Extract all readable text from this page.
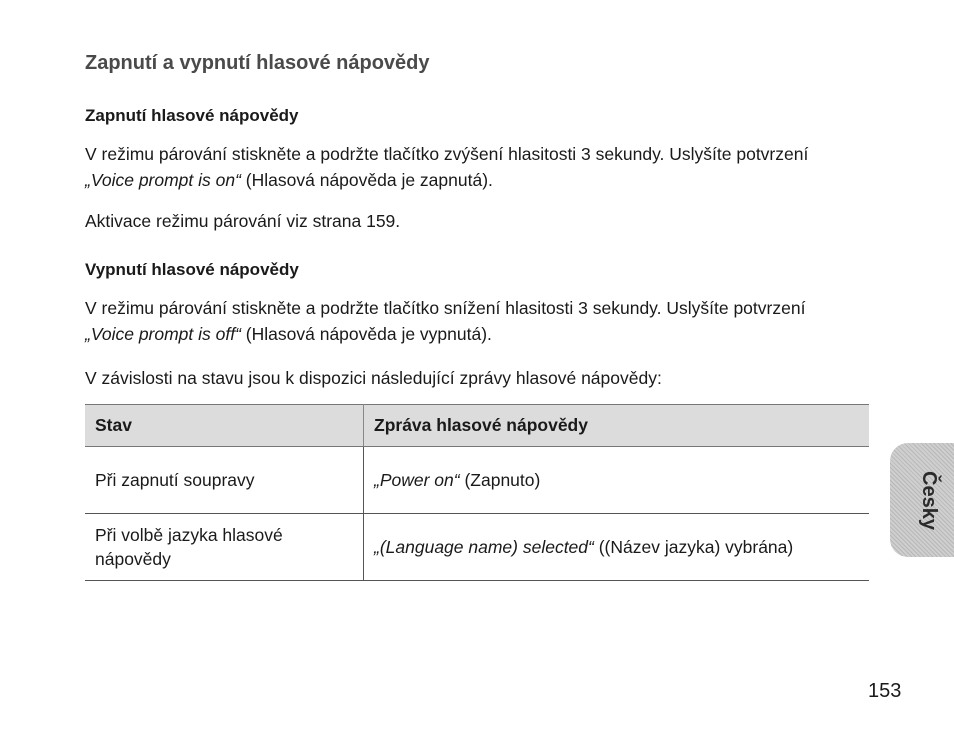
Zapnutí a vypnutí hlasové nápovědy
Zapnutí hlasové nápovědy

V režimu párování stiskněte a podržte tlačítko zvýšení hlasitosti 3 sekundy. Uslyšíte potvrzení „Voice prompt is on“ (Hlasová nápověda je zapnutá).

Aktivace režimu párování viz strana 159.

Vypnutí hlasové nápovědy

V režimu párování stiskněte a podržte tlačítko snížení hlasitosti 3 sekundy. Uslyšíte potvrzení „Voice prompt is off“ (Hlasová nápověda je vypnutá).

V závislosti na stavu jsou k dispozici následující zprávy hlasové nápovědy:

Stav	Zpráva hlasové nápovědy
Při zapnutí soupravy	„Power on“ (Zapnuto)
Při volbě jazyka hlasové nápovědy	„(Language name) selected“ ((Název jazyka) vybrána)
Česky

153
